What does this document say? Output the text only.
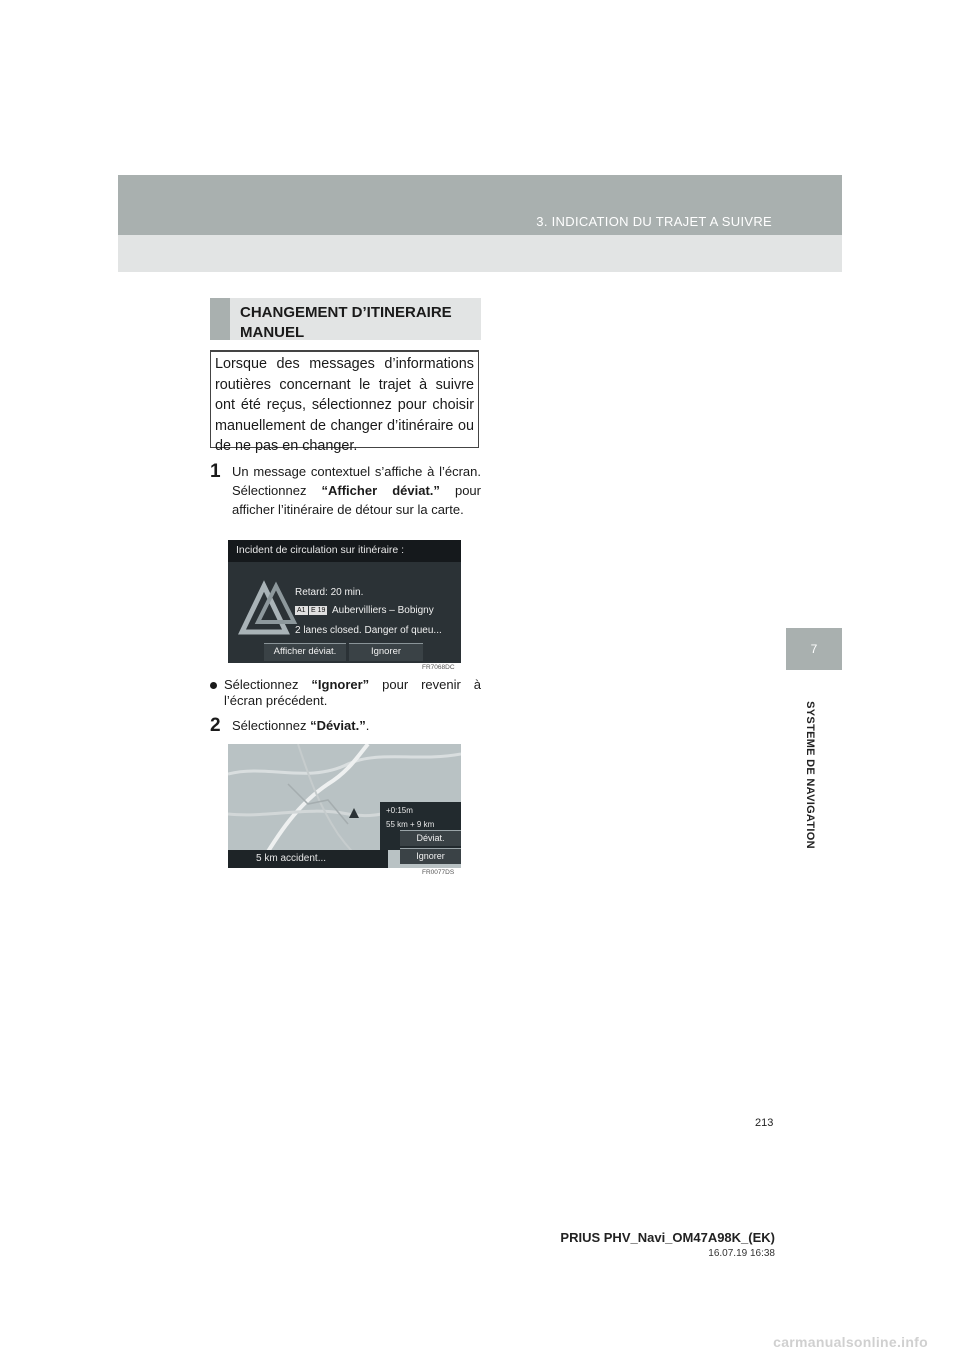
3. INDICATION DU TRAJET A SUIVRE
7
SYSTEME DE NAVIGATION
CHANGEMENT D’ITINERAIRE MANUEL

Lorsque des messages d’informations routières concernant le trajet à suivre ont été reçus, sélectionnez pour choisir manuellement de changer d’itinéraire ou de ne pas en changer.

1 Un message contextuel s’affiche à l’écran. Sélectionnez “Afficher déviat.” pour afficher l’itinéraire de détour sur la carte.
Incident de circulation sur itinéraire :
Retard: 20 min.
A1 E 19 Aubervilliers – Bobigny
2 lanes closed. Danger of queu...
Afficher déviat.	Ignorer
FR7068DC
Sélectionnez “Ignorer” pour revenir à l’écran précédent.
2 Sélectionnez “Déviat.”.
+0:15m
55 km + 9 km
Déviat.
Ignorer
5 km accident...
FR0077DS
213
PRIUS PHV_Navi_OM47A98K_(EK)
16.07.19 16:38
carmanualsonline.info
